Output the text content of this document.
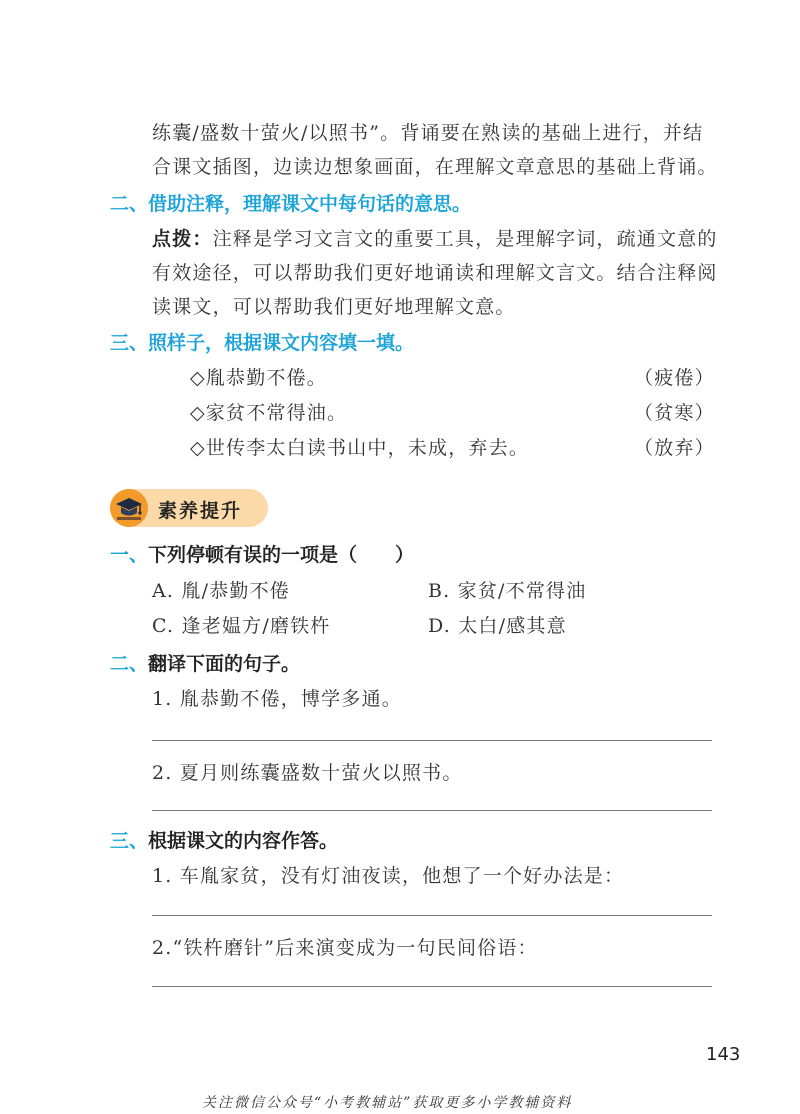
练囊/盛数十萤火/以照书”。背诵要在熟读的基础上进行，并结
合课文插图，边读边想象画面，在理解文章意思的基础上背诵。
二、借助注释，理解课文中每句话的意思。
点拨：注释是学习文言文的重要工具，是理解字词，疏通文意的
有效途径，可以帮助我们更好地诵读和理解文言文。结合注释阅
读课文，可以帮助我们更好地理解文意。
三、照样子，根据课文内容填一填。
◇胤恭勤不倦。	（疲倦）
◇家贫不常得油。	（贫寒）
◇世传李太白读书山中，未成，弃去。	（放弃）
素养提升
一、下列停顿有误的一项是（　　）
A. 胤/恭勤不倦	B. 家贫/不常得油
C. 逢老媪方/磨铁杵	D. 太白/感其意
二、翻译下面的句子。
1. 胤恭勤不倦，博学多通。
2. 夏月则练囊盛数十萤火以照书。
三、根据课文的内容作答。
1. 车胤家贫，没有灯油夜读，他想了一个好办法是：
2.“铁杵磨针”后来演变成为一句民间俗语：
143
关注微信公众号“小考教辅站”获取更多小学教辅资料
